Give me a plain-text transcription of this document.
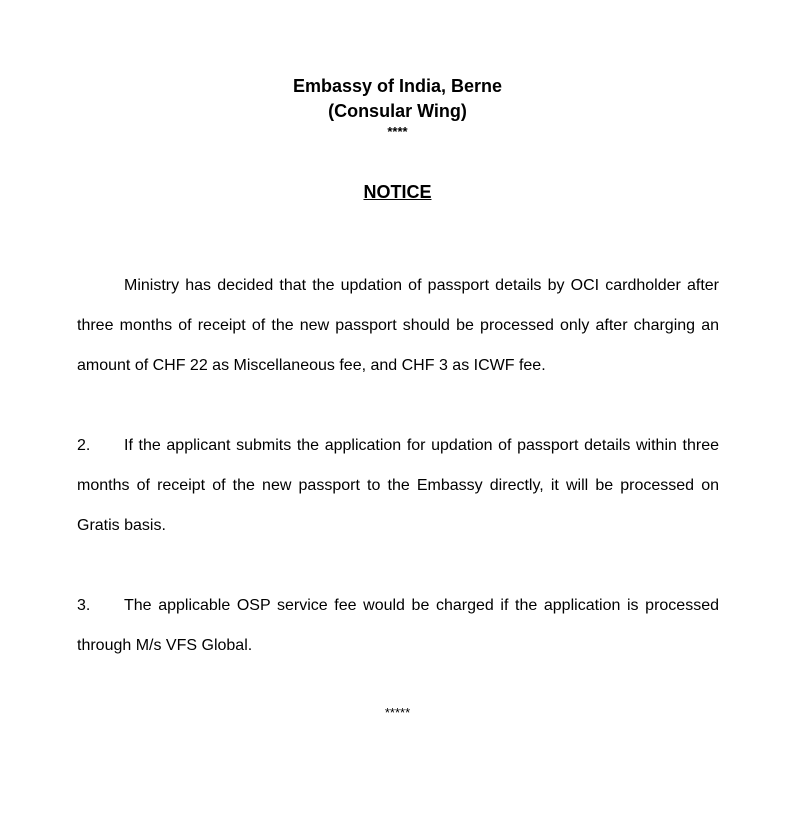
Embassy of India, Berne
(Consular Wing)
****
NOTICE

Ministry has decided that the updation of passport details by OCI cardholder after three months of receipt of the new passport should be processed only after charging an amount of CHF 22 as Miscellaneous fee, and CHF 3 as ICWF fee.

2. If the applicant submits the application for updation of passport details within three months of receipt of the new passport to the Embassy directly, it will be processed on Gratis basis.

3. The applicable OSP service fee would be charged if the application is processed through M/s VFS Global.

*****
